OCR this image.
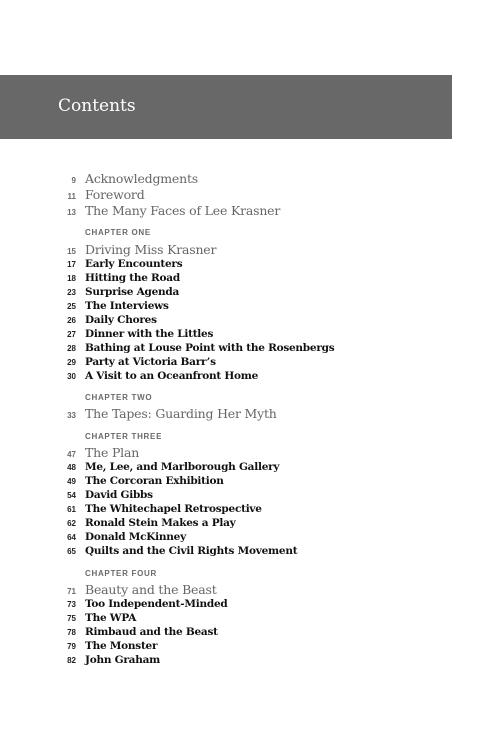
Contents
9 Acknowledgments
11 Foreword
13 The Many Faces of Lee Krasner
CHAPTER ONE
15 Driving Miss Krasner
17 Early Encounters
18 Hitting the Road
23 Surprise Agenda
25 The Interviews
26 Daily Chores
27 Dinner with the Littles
28 Bathing at Louse Point with the Rosenbergs
29 Party at Victoria Barr’s
30 A Visit to an Oceanfront Home
CHAPTER TWO
33 The Tapes: Guarding Her Myth
CHAPTER THREE
47 The Plan
48 Me, Lee, and Marlborough Gallery
49 The Corcoran Exhibition
54 David Gibbs
61 The Whitechapel Retrospective
62 Ronald Stein Makes a Play
64 Donald McKinney
65 Quilts and the Civil Rights Movement
CHAPTER FOUR
71 Beauty and the Beast
73 Too Independent-Minded
75 The WPA
78 Rimbaud and the Beast
79 The Monster
82 John Graham
